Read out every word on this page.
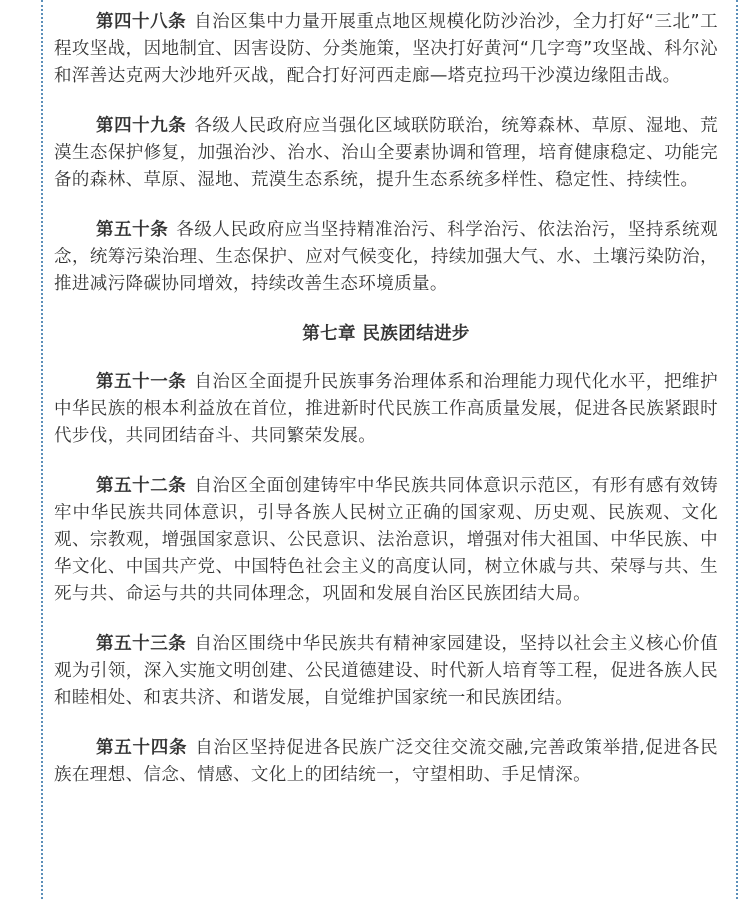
第四十八条 自治区集中力量开展重点地区规模化防沙治沙，全力打好“三北”工程攻坚战，因地制宜、因害设防、分类施策，坚决打好黄河“几字弯”攻坚战、科尔沁和浑善达克两大沙地歼灭战，配合打好河西走廊—塔克拉玛干沙漠边缘阻击战。

第四十九条 各级人民政府应当强化区域联防联治，统筹森林、草原、湿地、荒漠生态保护修复，加强治沙、治水、治山全要素协调和管理，培育健康稳定、功能完备的森林、草原、湿地、荒漠生态系统，提升生态系统多样性、稳定性、持续性。

第五十条 各级人民政府应当坚持精准治污、科学治污、依法治污，坚持系统观念，统筹污染治理、生态保护、应对气候变化，持续加强大气、水、土壤污染防治，推进减污降碳协同增效，持续改善生态环境质量。

第七章 民族团结进步

第五十一条 自治区全面提升民族事务治理体系和治理能力现代化水平，把维护中华民族的根本利益放在首位，推进新时代民族工作高质量发展，促进各民族紧跟时代步伐，共同团结奋斗、共同繁荣发展。

第五十二条 自治区全面创建铸牢中华民族共同体意识示范区，有形有感有效铸牢中华民族共同体意识，引导各族人民树立正确的国家观、历史观、民族观、文化观、宗教观，增强国家意识、公民意识、法治意识，增强对伟大祖国、中华民族、中华文化、中国共产党、中国特色社会主义的高度认同，树立休戚与共、荣辱与共、生死与共、命运与共的共同体理念，巩固和发展自治区民族团结大局。

第五十三条 自治区围绕中华民族共有精神家园建设，坚持以社会主义核心价值观为引领，深入实施文明创建、公民道德建设、时代新人培育等工程，促进各族人民和睦相处、和衷共济、和谐发展，自觉维护国家统一和民族团结。

第五十四条 自治区坚持促进各民族广泛交往交流交融,完善政策举措,促进各民族在理想、信念、情感、文化上的团结统一，守望相助、手足情深。
